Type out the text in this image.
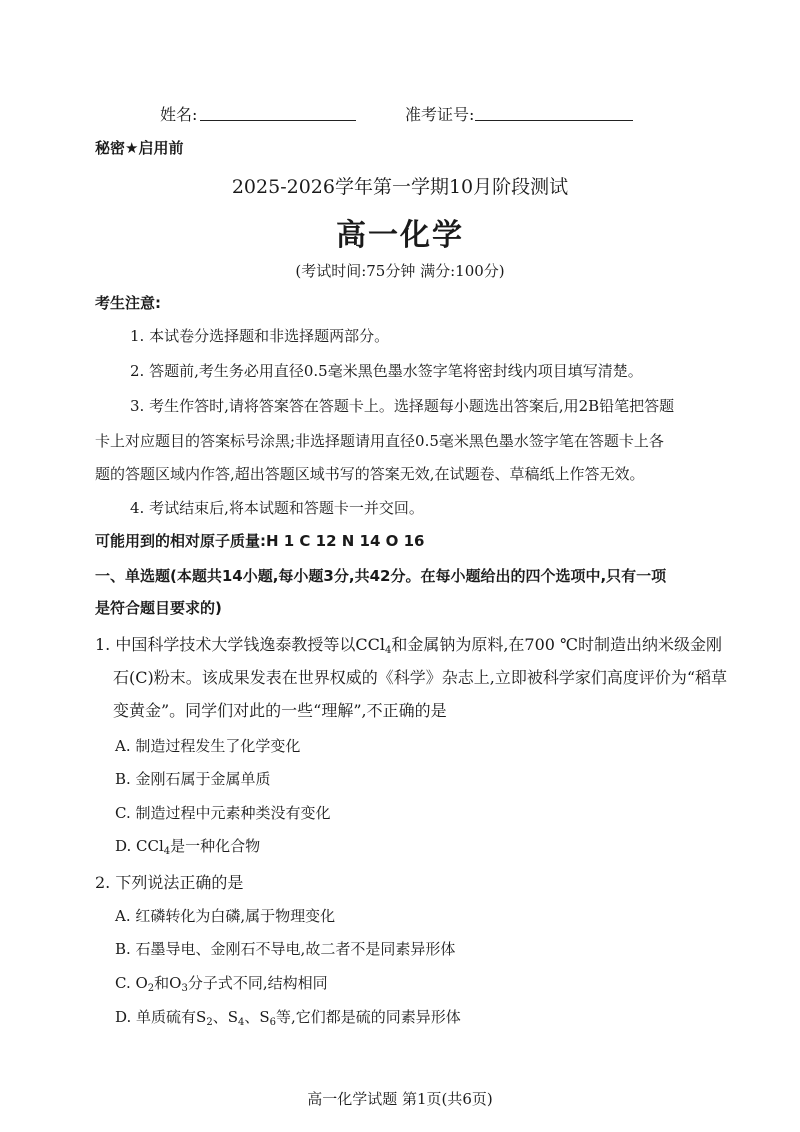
姓名:	准考证号:
秘密★启用前
2025-2026学年第一学期10月阶段测试
高一化学
(考试时间:75分钟 满分:100分)
考生注意:
1. 本试卷分选择题和非选择题两部分。
2. 答题前,考生务必用直径0.5毫米黑色墨水签字笔将密封线内项目填写清楚。
3. 考生作答时,请将答案答在答题卡上。选择题每小题选出答案后,用2B铅笔把答题
卡上对应题目的答案标号涂黑;非选择题请用直径0.5毫米黑色墨水签字笔在答题卡上各
题的答题区域内作答,超出答题区域书写的答案无效,在试题卷、草稿纸上作答无效。
4. 考试结束后,将本试题和答题卡一并交回。
可能用到的相对原子质量:H 1 C 12 N 14 O 16
一、单选题(本题共14小题,每小题3分,共42分。在每小题给出的四个选项中,只有一项
是符合题目要求的)
1. 中国科学技术大学钱逸泰教授等以CCl$_4$和金属钠为原料,在700 ℃时制造出纳米级金刚
石(C)粉末。该成果发表在世界权威的《科学》杂志上,立即被科学家们高度评价为“稻草
变黄金”。同学们对此的一些“理解”,不正确的是
A. 制造过程发生了化学变化
B. 金刚石属于金属单质
C. 制造过程中元素种类没有变化
D. CCl$_4$是一种化合物
2. 下列说法正确的是
A. 红磷转化为白磷,属于物理变化
B. 石墨导电、金刚石不导电,故二者不是同素异形体
C. $O_2$和$O_3$分子式不同,结构相同
D. 单质硫有$S_2$、$S_4$、$S_6$等,它们都是硫的同素异形体
高一化学试题 第1页(共6页)
